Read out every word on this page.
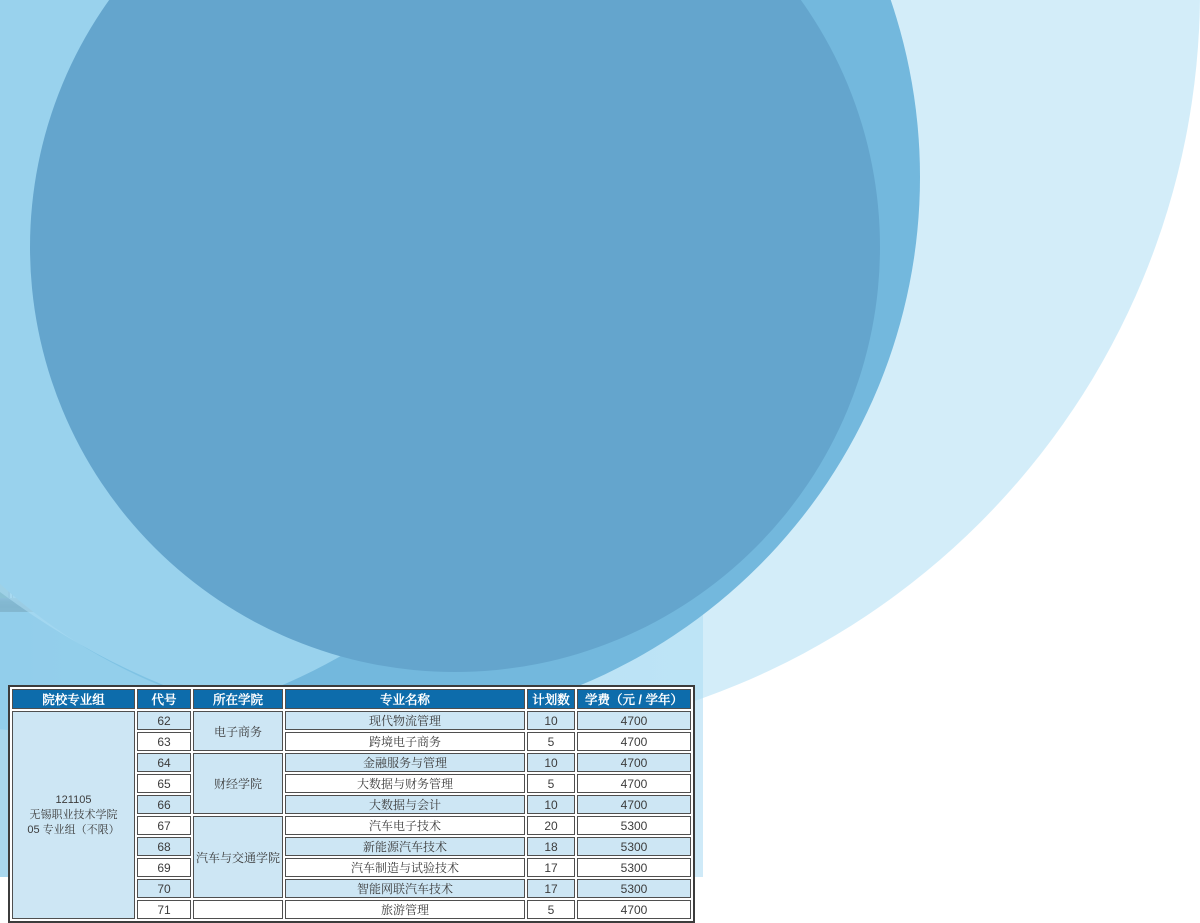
院校专业组	代号	所在学院	专业名称	计划数	学费（元 / 学年）

121105
无锡职业技术学院
05 专业组（不限）	62	电子商务	现代物流管理	10	4700
	63		跨境电子商务	5	4700
	64	财经学院	金融服务与管理	10	4700
	65		大数据与财务管理	5	4700
	66		大数据与会计	10	4700
	67	汽车与交通学院	汽车电子技术	20	5300
	68		新能源汽车技术	18	5300
	69		汽车制造与试验技术	17	5300
	70		智能网联汽车技术	17	5300
	71		旅游管理	5	4700
